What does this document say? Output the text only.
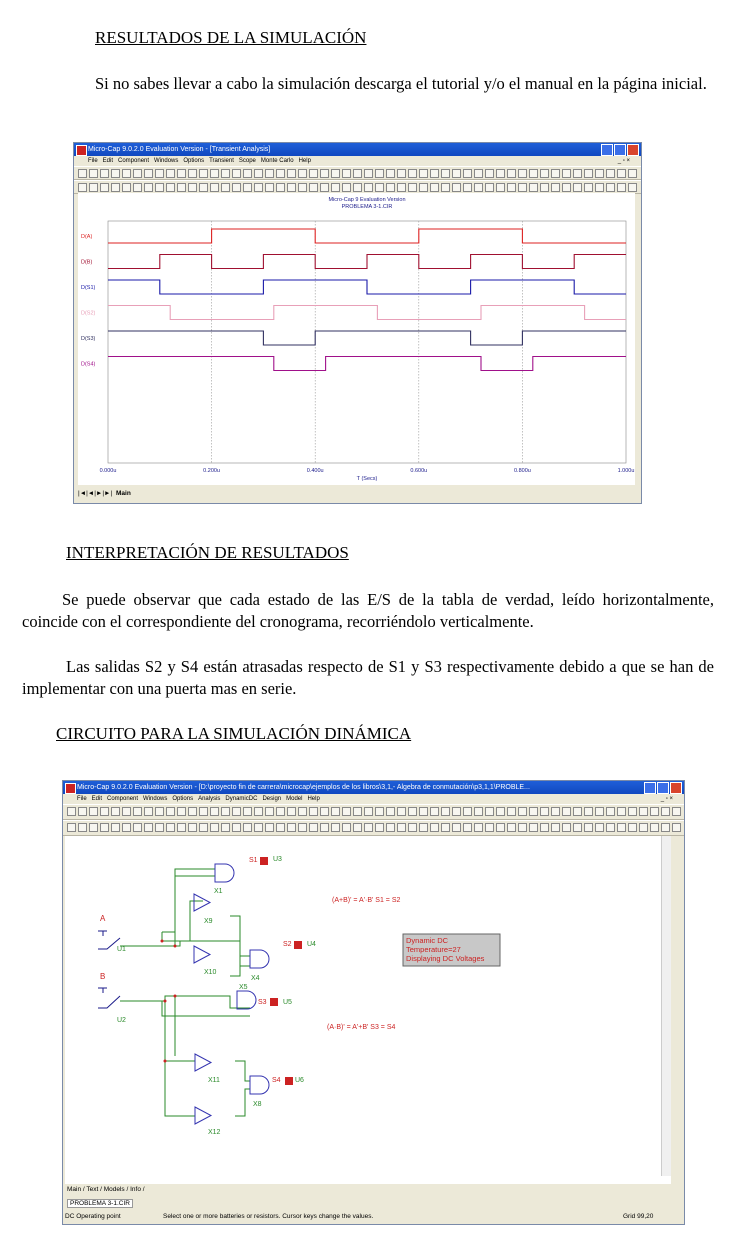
RESULTADOS DE LA SIMULACIÓN
Si no sabes llevar a cabo la simulación descarga el tutorial y/o el manual en la página inicial.
Micro-Cap 9.0.2.0 Evaluation Version - [Transient Analysis]
File Edit Component Windows Options Transient Scope Monte Carlo Help	_ ▫ ×
Micro-Cap 9 Evaluation Version
PROBLEMA 3-1.CIR
0.000u	0.200u	0.400u	0.600u	0.800u	1.000u
T (Secs)
D(A)
D(B)
D(S1)
D(S2)
D(S3)
D(S4)
|◄|◄|►|►| Main
INTERPRETACIÓN DE RESULTADOS
Se puede observar que cada estado de las E/S de la tabla de verdad, leído horizontalmente, coincide con el correspondiente del cronograma, recorriéndolo verticalmente.
Las salidas S2 y S4 están atrasadas respecto de S1 y S3 respectivamente debido a que se han de implementar con una puerta mas en serie.
CIRCUITO PARA LA SIMULACIÓN DINÁMICA
Micro-Cap 9.0.2.0 Evaluation Version - [D:\proyecto fin de carrera\microcap\ejemplos de los libros\3,1,- Algebra de conmutación\p3,1,1\PROBLE...
File Edit Component Windows Options Analysis DynamicDC Design Model Help	_ ▫ ×
X1
X9
X10
X4
X5
X11
X12
X8
U3
U4
U5
U6
U1
U2
S1
S2
S3
S4
A
B
(A+B)' = A'·B' S1 = S2
(A·B)' = A'+B' S3 = S4
Dynamic DC
Temperature=27
Displaying DC Voltages
Main / Text / Models / Info /
PROBLEMA 3-1.CIR
DC Operating point	Select one or more batteries or resistors. Cursor keys change the values.	Grid 99,20
